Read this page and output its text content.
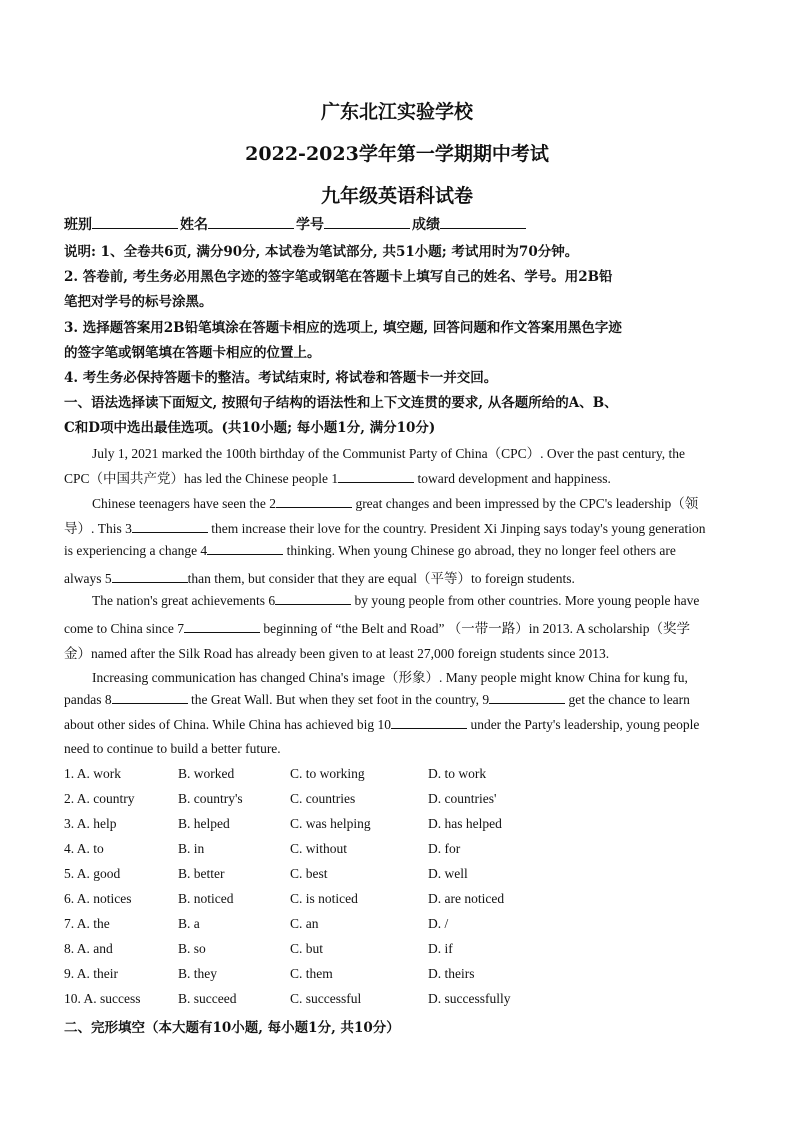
广东北江实验学校
2022-2023学年第一学期期中考试
九年级英语科试卷
班别	姓名	学号	成绩
说明: 1、全卷共6页, 满分90分, 本试卷为笔试部分, 共51小题; 考试用时为70分钟。
2. 答卷前, 考生务必用黑色字迹的签字笔或钢笔在答题卡上填写自己的姓名、学号。用2B铅
笔把对学号的标号涂黑。
3. 选择题答案用2B铅笔填涂在答题卡相应的选项上, 填空题, 回答问题和作文答案用黑色字迹
的签字笔或钢笔填在答题卡相应的位置上。
4. 考生务必保持答题卡的整洁。考试结束时, 将试卷和答题卡一并交回。
一、语法选择读下面短文, 按照句子结构的语法性和上下文连贯的要求, 从各题所给的A、B、
C和D项中选出最佳选项。(共10小题; 每小题1分, 满分10分)
July 1, 2021 marked the 100th birthday of the Communist Party of China（CPC）. Over the past century, the
CPC（中国共产党）has led the Chinese people 1	toward development and happiness.
Chinese teenagers have seen the 2	great changes and been impressed by the CPC's leadership（领
导）. This 3	them increase their love for the country. President Xi Jinping says today's young generation
is experiencing a change 4	thinking. When young Chinese go abroad, they no longer feel others are
always 5	than them, but consider that they are equal（平等）to foreign students.
The nation's great achievements 6	by young people from other countries. More young people have
come to China since 7	beginning of “the Belt and Road” （一带一路）in 2013. A scholarship（奖学
金）named after the Silk Road has already been given to at least 27,000 foreign students since 2013.
Increasing communication has changed China's image（形象）. Many people might know China for kung fu,
pandas 8	the Great Wall. But when they set foot in the country, 9	get the chance to learn
about other sides of China. While China has achieved big 10	under the Party's leadership, young people
need to continue to build a better future.
1. A. work	B. worked	C. to working	D. to work
2. A. country	B. country's	C. countries	D. countries'
3. A. help	B. helped	C. was helping	D. has helped
4. A. to	B. in	C. without	D. for
5. A. good	B. better	C. best	D. well
6. A. notices	B. noticed	C. is noticed	D. are noticed
7. A. the	B. a	C. an	D. /
8. A. and	B. so	C. but	D. if
9. A. their	B. they	C. them	D. theirs
10. A. success	B. succeed	C. successful	D. successfully
二、完形填空（本大题有10小题, 每小题1分, 共10分）
